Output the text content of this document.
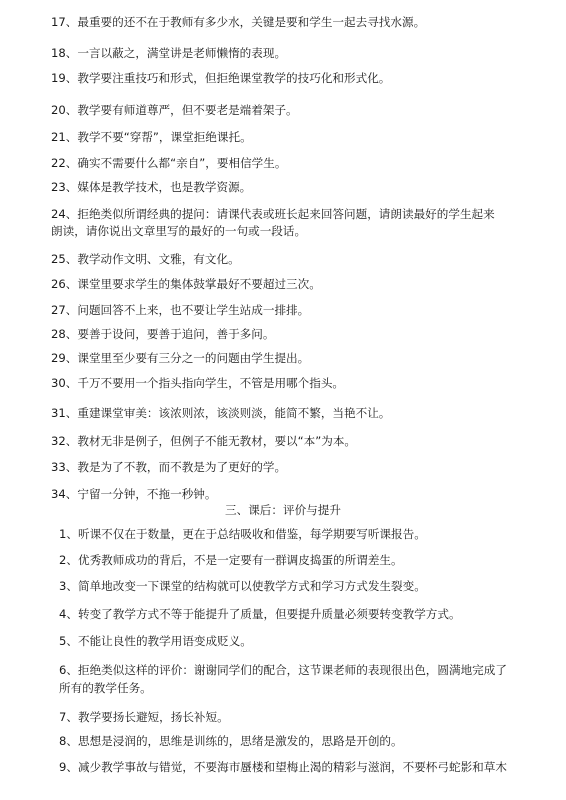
17、最重要的还不在于教师有多少水，关键是要和学生一起去寻找水源。
18、一言以蔽之，满堂讲是老师懒惰的表现。
19、教学要注重技巧和形式，但拒绝课堂教学的技巧化和形式化。
20、教学要有师道尊严，但不要老是端着架子。
21、教学不要“穿帮”，课堂拒绝课托。
22、确实不需要什么都“亲自”，要相信学生。
23、媒体是教学技术，也是教学资源。
24、拒绝类似所谓经典的提问：请课代表或班长起来回答问题，请朗读最好的学生起来
朗读，请你说出文章里写的最好的一句或一段话。
25、教学动作文明、文雅，有文化。
26、课堂里要求学生的集体鼓掌最好不要超过三次。
27、问题回答不上来，也不要让学生站成一排排。
28、要善于设问，要善于追问，善于多问。
29、课堂里至少要有三分之一的问题由学生提出。
30、千万不要用一个指头指向学生，不管是用哪个指头。
31、重建课堂审美：该浓则浓，该淡则淡，能简不繁，当艳不让。
32、教材无非是例子，但例子不能无教材，要以“本”为本。
33、教是为了不教，而不教是为了更好的学。
34、宁留一分钟，不拖一秒钟。
三、课后：评价与提升
1、听课不仅在于数量，更在于总结吸收和借鉴，每学期要写听课报告。
2、优秀教师成功的背后，不是一定要有一群调皮捣蛋的所谓差生。
3、简单地改变一下课堂的结构就可以使教学方式和学习方式发生裂变。
4、转变了教学方式不等于能提升了质量，但要提升质量必须要转变教学方式。
5、不能让良性的教学用语变成贬义。
6、拒绝类似这样的评价：谢谢同学们的配合，这节课老师的表现很出色，圆满地完成了
所有的教学任务。
7、教学要扬长避短，扬长补短。
8、思想是浸润的，思维是训练的，思绪是激发的，思路是开创的。
9、减少教学事故与错觉，不要海市蜃楼和望梅止渴的精彩与滋润，不要杯弓蛇影和草木
